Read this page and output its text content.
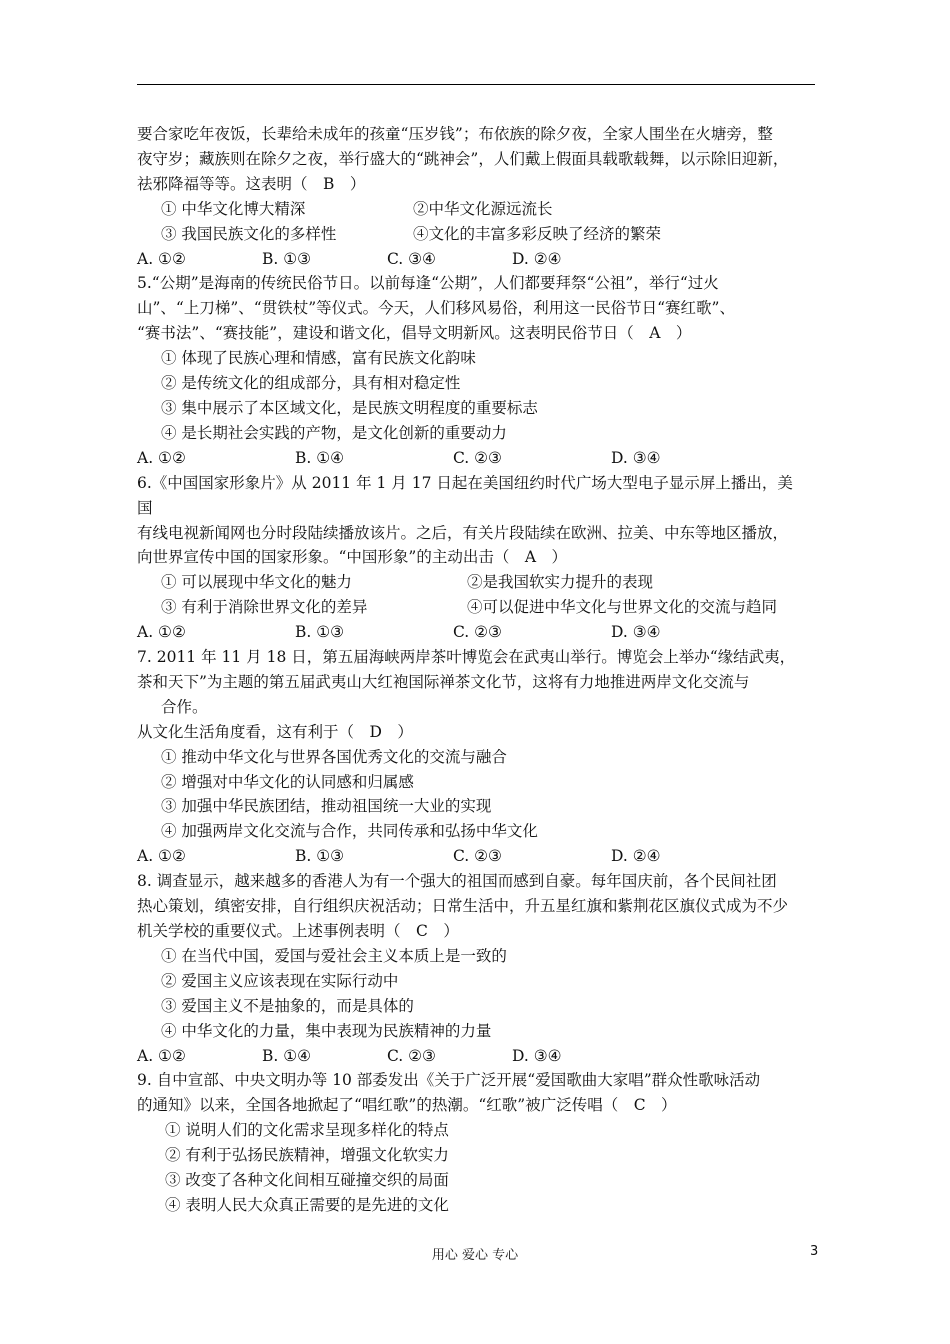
要合家吃年夜饭，长辈给未成年的孩童“压岁钱”；布依族的除夕夜，全家人围坐在火塘旁，整
夜守岁；藏族则在除夕之夜，举行盛大的“跳神会”，人们戴上假面具载歌载舞，以示除旧迎新，
祛邪降福等等。这表明（　B　）
① 中华文化博大精深	②中华文化源远流长
③ 我国民族文化的多样性	④文化的丰富多彩反映了经济的繁荣
A. ①②	B. ①③	C. ③④	D. ②④
5.“公期”是海南的传统民俗节日。以前每逢“公期”，人们都要拜祭“公祖”，举行“过火
山”、“上刀梯”、“贯铁杖”等仪式。今天，人们移风易俗，利用这一民俗节日“赛红歌”、
“赛书法”、“赛技能”，建设和谐文化，倡导文明新风。这表明民俗节日（　A　）
① 体现了民族心理和情感，富有民族文化韵味
② 是传统文化的组成部分，具有相对稳定性
③ 集中展示了本区域文化，是民族文明程度的重要标志
④ 是长期社会实践的产物，是文化创新的重要动力
A. ①②	B. ①④	C. ②③	D. ③④
6.《中国国家形象片》从 2011 年 1 月 17 日起在美国纽约时代广场大型电子显示屏上播出，美
国
有线电视新闻网也分时段陆续播放该片。之后，有关片段陆续在欧洲、拉美、中东等地区播放，
向世界宣传中国的国家形象。“中国形象”的主动出击（　A　）
① 可以展现中华文化的魅力	②是我国软实力提升的表现
③ 有利于消除世界文化的差异	④可以促进中华文化与世界文化的交流与趋同
A. ①②	B. ①③	C. ②③	D. ③④
7. 2011 年 11 月 18 日，第五届海峡两岸茶叶博览会在武夷山举行。博览会上举办“缘结武夷，
茶和天下”为主题的第五届武夷山大红袍国际禅茶文化节，这将有力地推进两岸文化交流与
合作。
从文化生活角度看，这有利于（　D　）
① 推动中华文化与世界各国优秀文化的交流与融合
② 增强对中华文化的认同感和归属感
③ 加强中华民族团结，推动祖国统一大业的实现
④ 加强两岸文化交流与合作，共同传承和弘扬中华文化
A. ①②	B. ①③	C. ②③	D. ②④
8. 调查显示，越来越多的香港人为有一个强大的祖国而感到自豪。每年国庆前，各个民间社团
热心策划，缜密安排，自行组织庆祝活动；日常生活中，升五星红旗和紫荆花区旗仪式成为不少
机关学校的重要仪式。上述事例表明（　C　）
① 在当代中国，爱国与爱社会主义本质上是一致的
② 爱国主义应该表现在实际行动中
③ 爱国主义不是抽象的，而是具体的
④ 中华文化的力量，集中表现为民族精神的力量
A. ①②	B. ①④	C. ②③	D. ③④
9. 自中宣部、中央文明办等 10 部委发出《关于广泛开展“爱国歌曲大家唱”群众性歌咏活动
的通知》以来，全国各地掀起了“唱红歌”的热潮。“红歌”被广泛传唱（　C　）
① 说明人们的文化需求呈现多样化的特点
② 有利于弘扬民族精神，增强文化软实力
③ 改变了各种文化间相互碰撞交织的局面
④ 表明人民大众真正需要的是先进的文化
用心 爱心 专心	3
